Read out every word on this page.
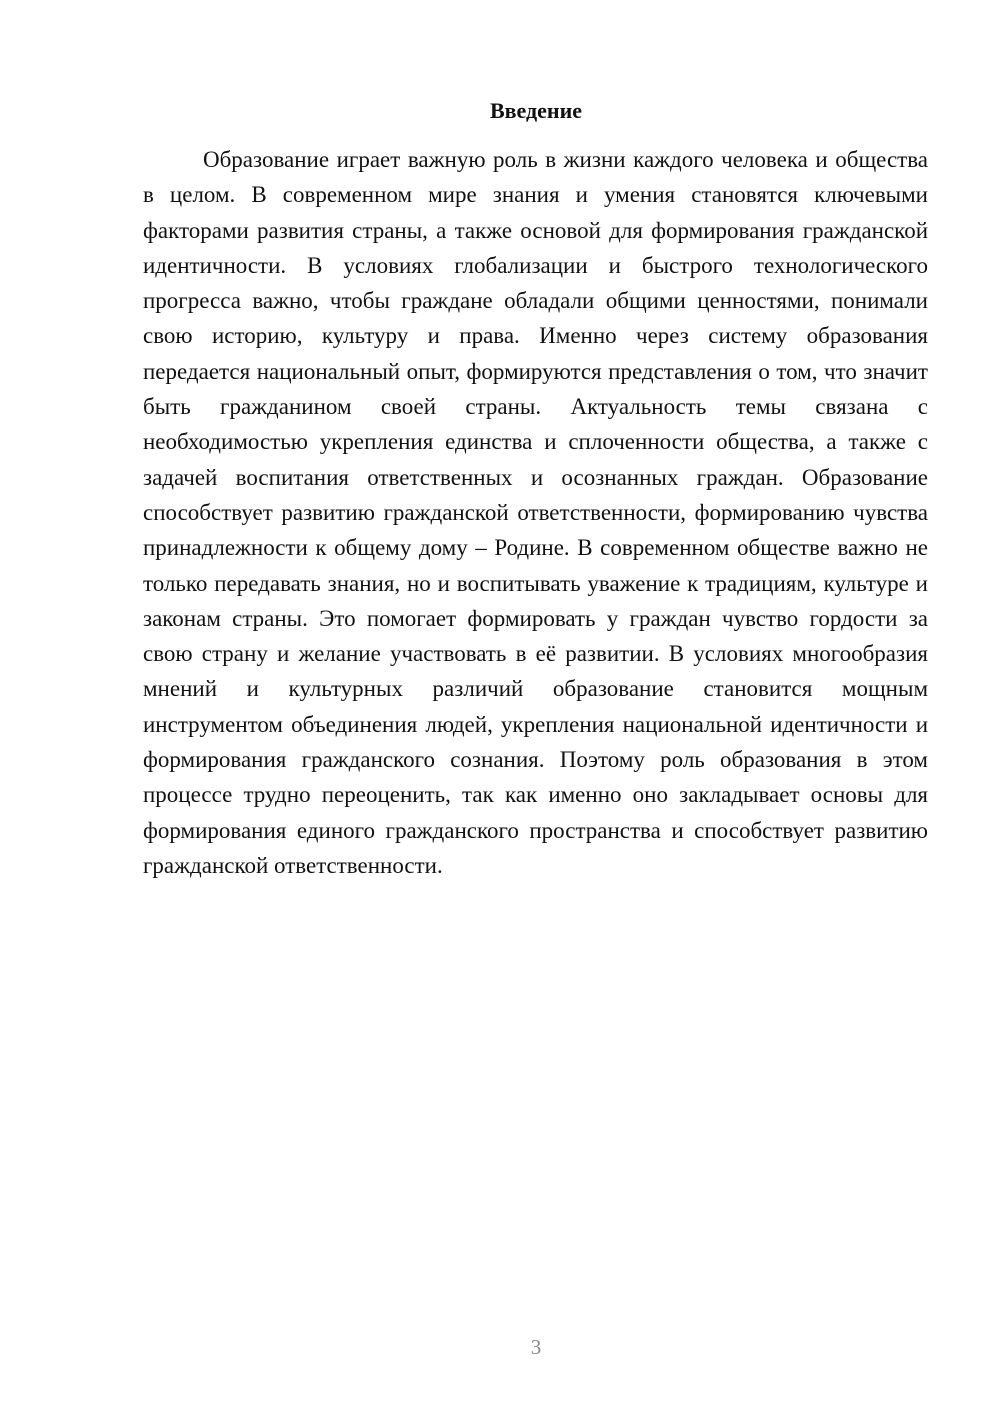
Введение

Образование играет важную роль в жизни каждого человека и общества в целом. В современном мире знания и умения становятся ключевыми факторами развития страны, а также основой для формирования гражданской идентичности. В условиях глобализации и быстрого технологического прогресса важно, чтобы граждане обладали общими ценностями, понимали свою историю, культуру и права. Именно через систему образования передается национальный опыт, формируются представления о том, что значит быть гражданином своей страны. Актуальность темы связана с необходимостью укрепления единства и сплоченности общества, а также с задачей воспитания ответственных и осознанных граждан. Образование способствует развитию гражданской ответственности, формированию чувства принадлежности к общему дому – Родине. В современном обществе важно не только передавать знания, но и воспитывать уважение к традициям, культуре и законам страны. Это помогает формировать у граждан чувство гордости за свою страну и желание участвовать в её развитии. В условиях многообразия мнений и культурных различий образование становится мощным инструментом объединения людей, укрепления национальной идентичности и формирования гражданского сознания. Поэтому роль образования в этом процессе трудно переоценить, так как именно оно закладывает основы для формирования единого гражданского пространства и способствует развитию гражданской ответственности.

3
